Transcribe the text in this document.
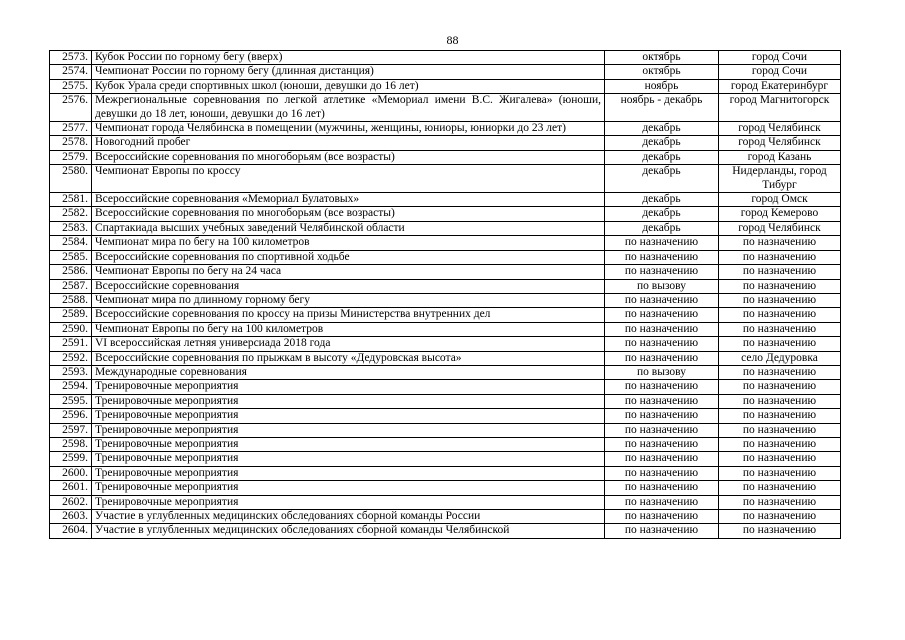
88
2573.	Кубок России по горному бегу (вверх)	октябрь	город Сочи
2574.	Чемпионат России по горному бегу (длинная дистанция)	октябрь	город Сочи
2575.	Кубок Урала среди спортивных школ (юноши, девушки до 16 лет)	ноябрь	город Екатеринбург
2576.	Межрегиональные соревнования по легкой атлетике «Мемориал имени В.С. Жигалева» (юноши, девушки до 18 лет, юноши, девушки до 16 лет)	ноябрь - декабрь	город Магнитогорск
2577.	Чемпионат города Челябинска в помещении (мужчины, женщины, юниоры, юниорки до 23 лет)	декабрь	город Челябинск
2578.	Новогодний пробег	декабрь	город Челябинск
2579.	Всероссийские соревнования по многоборьям (все возрасты)	декабрь	город Казань
2580.	Чемпионат Европы по кроссу	декабрь	Нидерланды, город Тибург
2581.	Всероссийские соревнования «Мемориал Булатовых»	декабрь	город Омск
2582.	Всероссийские соревнования по многоборьям (все возрасты)	декабрь	город Кемерово
2583.	Спартакиада высших учебных заведений Челябинской области	декабрь	город Челябинск
2584.	Чемпионат мира по бегу на 100 километров	по назначению	по назначению
2585.	Всероссийские соревнования по спортивной ходьбе	по назначению	по назначению
2586.	Чемпионат Европы по бегу на 24 часа	по назначению	по назначению
2587.	Всероссийские соревнования	по вызову	по назначению
2588.	Чемпионат мира по длинному горному бегу	по назначению	по назначению
2589.	Всероссийские соревнования по кроссу на призы Министерства внутренних дел	по назначению	по назначению
2590.	Чемпионат Европы по бегу на 100 километров	по назначению	по назначению
2591.	VI всероссийская летняя универсиада 2018 года	по назначению	по назначению
2592.	Всероссийские соревнования по прыжкам в высоту «Дедуровская высота»	по назначению	село Дедуровка
2593.	Международные соревнования	по вызову	по назначению
2594.	Тренировочные мероприятия	по назначению	по назначению
2595.	Тренировочные мероприятия	по назначению	по назначению
2596.	Тренировочные мероприятия	по назначению	по назначению
2597.	Тренировочные мероприятия	по назначению	по назначению
2598.	Тренировочные мероприятия	по назначению	по назначению
2599.	Тренировочные мероприятия	по назначению	по назначению
2600.	Тренировочные мероприятия	по назначению	по назначению
2601.	Тренировочные мероприятия	по назначению	по назначению
2602.	Тренировочные мероприятия	по назначению	по назначению
2603.	Участие в углубленных медицинских обследованиях сборной команды России	по назначению	по назначению
2604.	Участие в углубленных медицинских обследованиях сборной команды Челябинской	по назначению	по назначению
